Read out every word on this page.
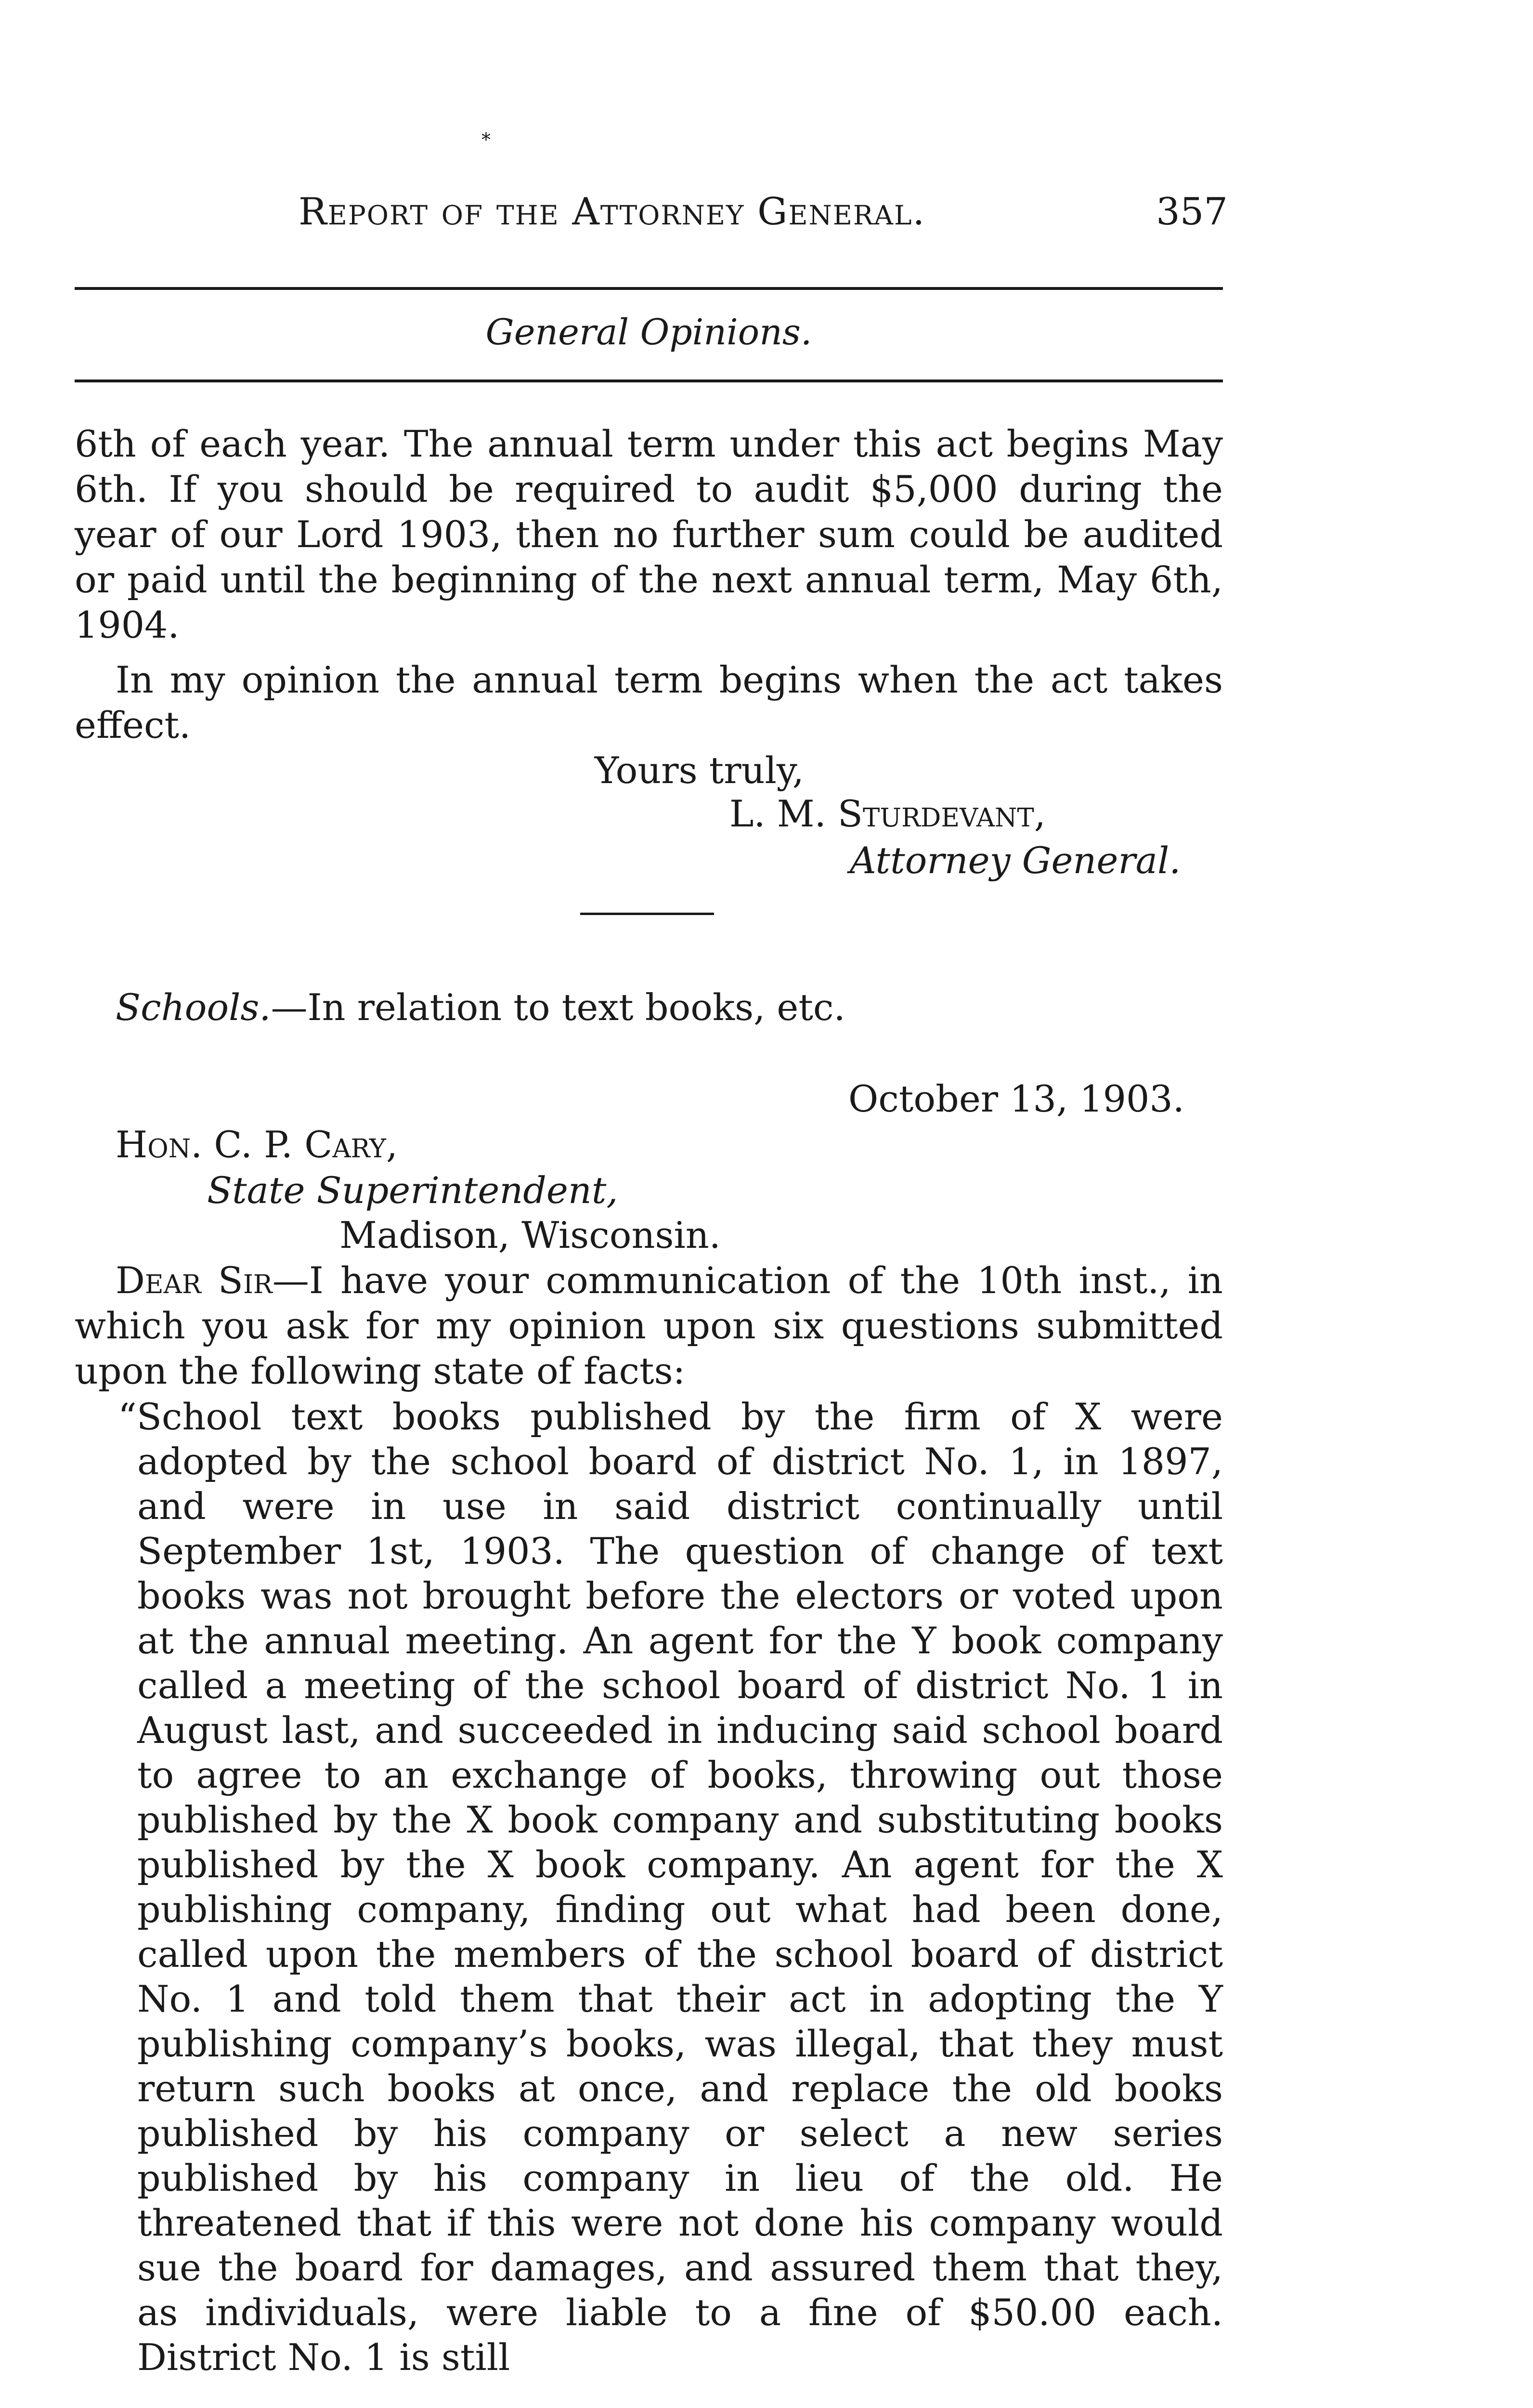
*
Report of the Attorney General.	357
General Opinions.

6th of each year. The annual term under this act begins May 6th. If you should be required to audit $5,000 during the year of our Lord 1903, then no further sum could be audited or paid until the beginning of the next annual term, May 6th, 1904.

In my opinion the annual term begins when the act takes effect.

Yours truly,
L. M. Sturdevant,
Attorney General.
Schools.—In relation to text books, etc.
October 13, 1903.
Hon. C. P. Cary,
State Superintendent,
Madison, Wisconsin.

Dear Sir—I have your communication of the 10th inst., in which you ask for my opinion upon six questions submitted upon the following state of facts:

“School text books published by the firm of X were adopted by the school board of district No. 1, in 1897, and were in use in said district continually until September 1st, 1903. The question of change of text books was not brought before the electors or voted upon at the annual meeting. An agent for the Y book company called a meeting of the school board of district No. 1 in August last, and succeeded in inducing said school board to agree to an exchange of books, throwing out those published by the X book company and substituting books published by the X book company. An agent for the X publishing company, finding out what had been done, called upon the members of the school board of district No. 1 and told them that their act in adopting the Y publishing company’s books, was illegal, that they must return such books at once, and replace the old books published by his company or select a new series published by his company in lieu of the old. He threatened that if this were not done his company would sue the board for damages, and assured them that they, as individuals, were liable to a fine of $50.00 each. District No. 1 is still
